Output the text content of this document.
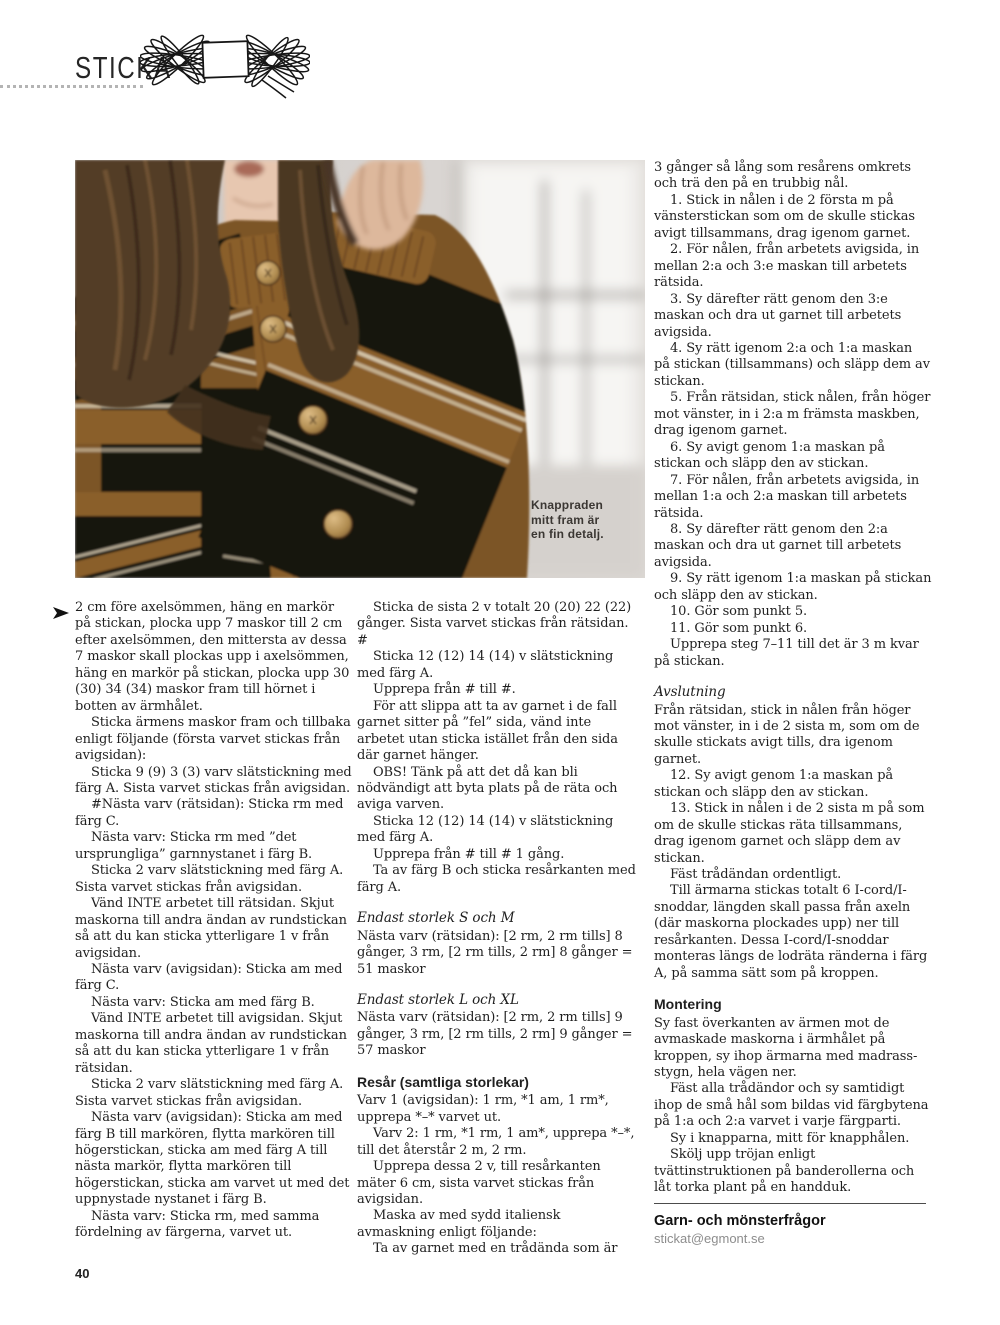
STICKA
Knappraden
mitt fram är
en fin detalj.

2 cm före axelsömmen, häng en markör på stickan, plocka upp 7 maskor till 2 cm efter axelsömmen, den mittersta av dessa 7 maskor skall plockas upp i axelsömmen, häng en markör på stickan, plocka upp 30 (30) 34 (34) maskor fram till hörnet i botten av ärmhålet.

Sticka ärmens maskor fram och tillbaka enligt följande (första varvet stickas från avigsidan):

Sticka 9 (9) 3 (3) varv slätstickning med färg A. Sista varvet stickas från avigsidan.

#Nästa varv (rätsidan): Sticka rm med färg C.

Nästa varv: Sticka rm med ”det ursprungliga” garnnystanet i färg B.

Sticka 2 varv slätstickning med färg A. Sista varvet stickas från avigsidan.

Vänd INTE arbetet till rätsidan. Skjut maskorna till andra ändan av rundstickan så att du kan sticka ytterligare 1 v från avigsidan.

Nästa varv (avigsidan): Sticka am med färg C.

Nästa varv: Sticka am med färg B.

Vänd INTE arbetet till avigsidan. Skjut maskorna till andra ändan av rundstickan så att du kan sticka ytterligare 1 v från rätsidan.

Sticka 2 varv slätstickning med färg A. Sista varvet stickas från avigsidan.

Nästa varv (avigsidan): Sticka am med färg B till markören, flytta markören till högerstickan, sticka am med färg A till nästa markör, flytta markören till högerstickan, sticka am varvet ut med det uppnystade nystanet i färg B.

Nästa varv: Sticka rm, med samma fördelning av färgerna, varvet ut.

Sticka de sista 2 v totalt 20 (20) 22 (22) gånger. Sista varvet stickas från rätsidan. #

Sticka 12 (12) 14 (14) v slätstickning med färg A.

Upprepa från # till #.

För att slippa att ta av garnet i de fall garnet sitter på ”fel” sida, vänd inte arbetet utan sticka istället från den sida där garnet hänger.

OBS! Tänk på att det då kan bli nödvändigt att byta plats på de räta och aviga varven.

Sticka 12 (12) 14 (14) v slätstickning med färg A.

Upprepa från # till # 1 gång.

Ta av färg B och sticka resårkanten med färg A.

Endast storlek S och M

Nästa varv (rätsidan): [2 rm, 2 rm tills] 8 gånger, 3 rm, [2 rm tills, 2 rm] 8 gånger = 51 maskor

Endast storlek L och XL

Nästa varv (rätsidan): [2 rm, 2 rm tills] 9 gånger, 3 rm, [2 rm tills, 2 rm] 9 gånger = 57 maskor

Resår (samtliga storlekar)

Varv 1 (avigsidan): 1 rm, *1 am, 1 rm*, upprepa *–* varvet ut.

Varv 2: 1 rm, *1 rm, 1 am*, upprepa *–*, till det återstår 2 m, 2 rm.

Upprepa dessa 2 v, till resårkanten mäter 6 cm, sista varvet stickas från avigsidan.

Maska av med sydd italiensk avmaskning enligt följande:

Ta av garnet med en trådända som är

3 gånger så lång som resårens omkrets och trä den på en trubbig nål.

1. Stick in nålen i de 2 första m på vänsterstickan som om de skulle stickas avigt tillsammans, drag igenom garnet.

2. För nålen, från arbetets avigsida, in mellan 2:a och 3:e maskan till arbetets rätsida.

3. Sy därefter rätt genom den 3:e maskan och dra ut garnet till arbetets avigsida.

4. Sy rätt igenom 2:a och 1:a maskan på stickan (tillsammans) och släpp dem av stickan.

5. Från rätsidan, stick nålen, från höger mot vänster, in i 2:a m främsta maskben, drag igenom garnet.

6. Sy avigt genom 1:a maskan på stickan och släpp den av stickan.

7. För nålen, från arbetets avigsida, in mellan 1:a och 2:a maskan till arbetets rätsida.

8. Sy därefter rätt genom den 2:a maskan och dra ut garnet till arbetets avigsida.

9. Sy rätt igenom 1:a maskan på stickan och släpp den av stickan.

10. Gör som punkt 5.

11. Gör som punkt 6.

Upprepa steg 7–11 till det är 3 m kvar på stickan.

Avslutning

Från rätsidan, stick in nålen från höger mot vänster, in i de 2 sista m, som om de skulle stickats avigt tills, dra igenom garnet.

12. Sy avigt genom 1:a maskan på stickan och släpp den av stickan.

13. Stick in nålen i de 2 sista m på som om de skulle stickas räta tillsammans, drag igenom garnet och släpp dem av stickan.

Fäst trådändan ordentligt.

Till ärmarna stickas totalt 6 I-cord/I-snoddar, längden skall passa från axeln (där maskorna plockades upp) ner till resårkanten. Dessa I-cord/I-snoddar monteras längs de lodräta ränderna i färg A, på samma sätt som på kroppen.

Montering

Sy fast överkanten av ärmen mot de avmaskade maskorna i ärmhålet på kroppen, sy ihop ärmarna med madrass-stygn, hela vägen ner.

Fäst alla trådändor och sy samtidigt ihop de små hål som bildas vid färgbytena på 1:a och 2:a varvet i varje färgparti.

Sy i knapparna, mitt för knapphålen.

Skölj upp tröjan enligt tvättinstruktionen på banderollerna och låt torka plant på en handduk.

Garn- och mönsterfrågor

stickat@egmont.se

40
